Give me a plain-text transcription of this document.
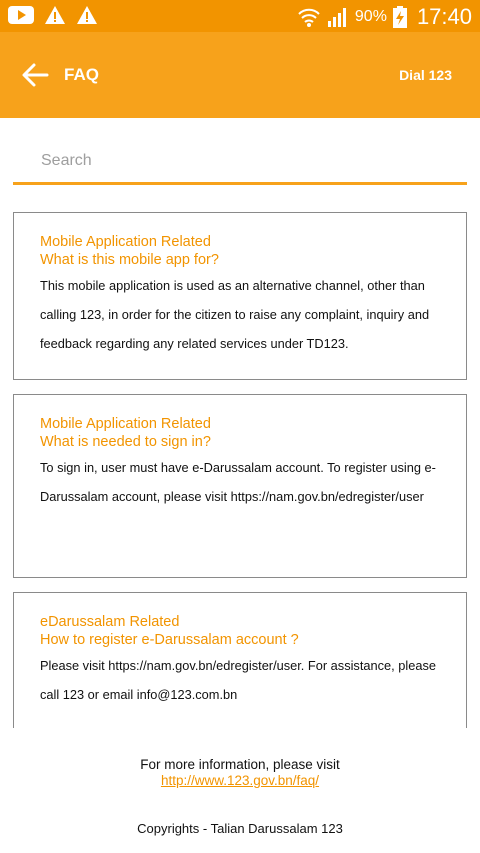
90% 17:40
FAQ	Dial 123
Search
Mobile Application Related
What is this mobile app for?
This mobile application is used as an alternative channel, other than calling 123, in order for the citizen to raise any complaint, inquiry and feedback regarding any related services under TD123.
Mobile Application Related
What is needed to sign in?
To sign in, user must have e-Darussalam account. To register using e-Darussalam account, please visit https://nam.gov.bn/edregister/user
eDarussalam Related
How to register e-Darussalam account ?
Please visit https://nam.gov.bn/edregister/user. For assistance, please call 123 or email info@123.com.bn
For more information, please visit
http://www.123.gov.bn/faq/
Copyrights - Talian Darussalam 123
